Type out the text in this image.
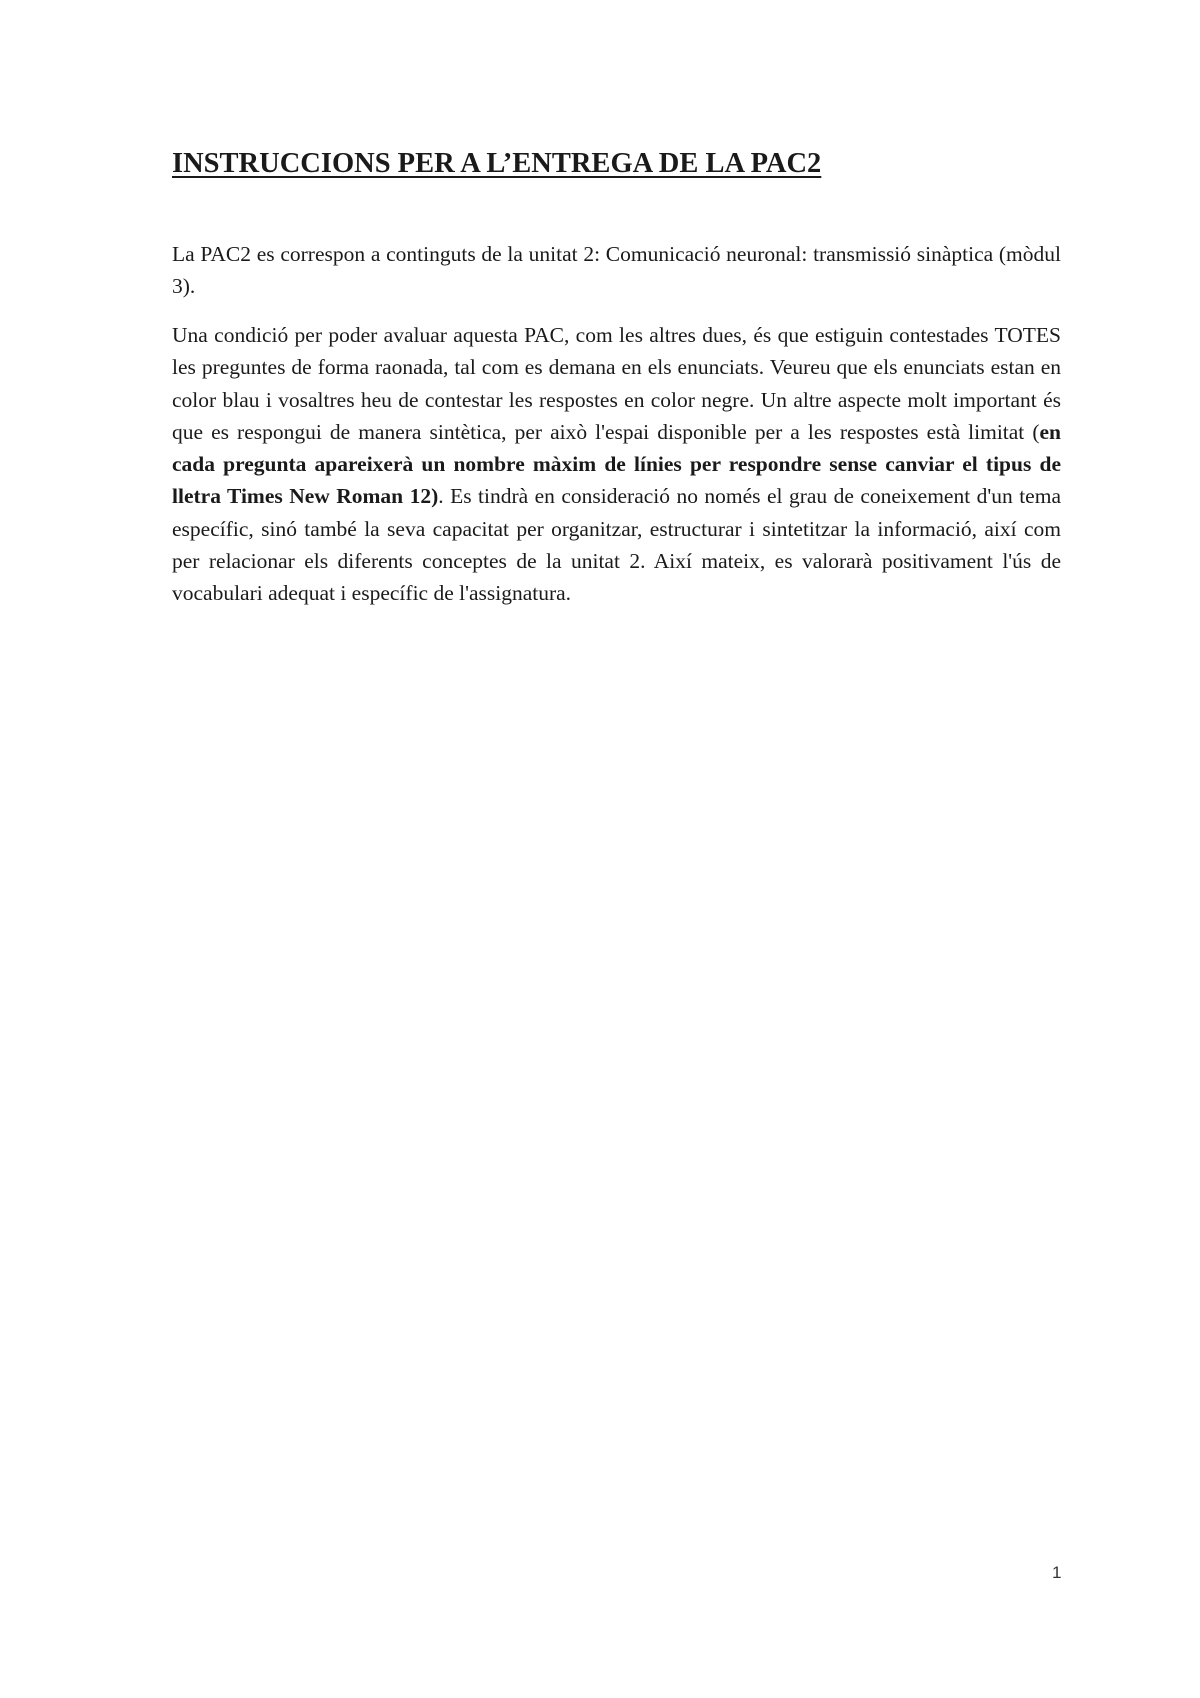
INSTRUCCIONS PER A L’ENTREGA DE LA PAC2

La PAC2 es correspon a continguts de la unitat 2: Comunicació neuronal: transmissió sinàptica (mòdul 3).

Una condició per poder avaluar aquesta PAC, com les altres dues, és que estiguin contestades TOTES les preguntes de forma raonada, tal com es demana en els enunciats. Veureu que els enunciats estan en color blau i vosaltres heu de contestar les respostes en color negre. Un altre aspecte molt important és que es respongui de manera sintètica, per això l'espai disponible per a les respostes està limitat (en cada pregunta apareixerà un nombre màxim de línies per respondre sense canviar el tipus de lletra Times New Roman 12). Es tindrà en consideració no només el grau de coneixement d'un tema específic, sinó també la seva capacitat per organitzar, estructurar i sintetitzar la informació, així com per relacionar els diferents conceptes de la unitat 2. Així mateix, es valorarà positivament l'ús de vocabulari adequat i específic de l'assignatura.

1
